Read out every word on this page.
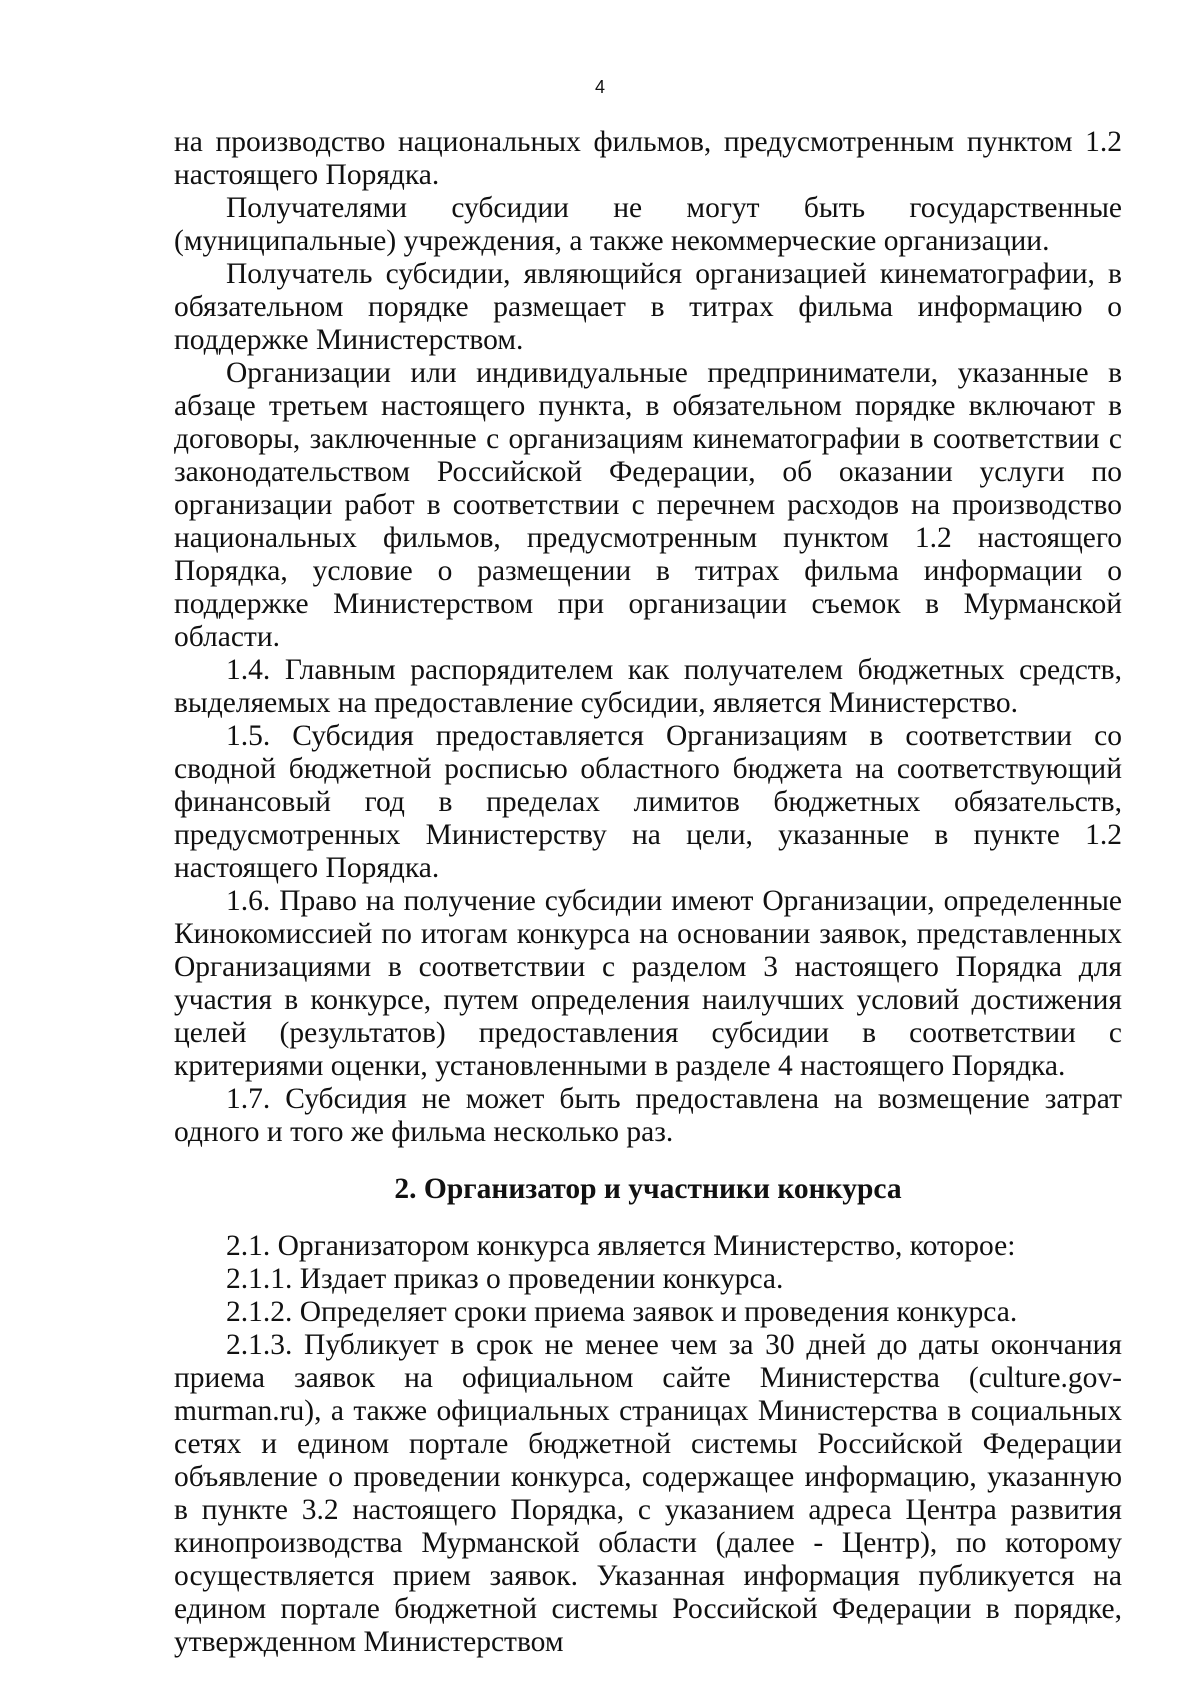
4

на производство национальных фильмов, предусмотренным пунктом 1.2 настоящего Порядка.

Получателями субсидии не могут быть государственные (муниципальные) учреждения, а также некоммерческие организации.

Получатель субсидии, являющийся организацией кинематографии, в обязательном порядке размещает в титрах фильма информацию о поддержке Министерством.

Организации или индивидуальные предприниматели, указанные в абзаце третьем настоящего пункта, в обязательном порядке включают в договоры, заключенные с организациям кинематографии в соответствии с законодательством Российской Федерации, об оказании услуги по организации работ в соответствии с перечнем расходов на производство национальных фильмов, предусмотренным пунктом 1.2 настоящего Порядка, условие о размещении в титрах фильма информации о поддержке Министерством при организации съемок в Мурманской области.

1.4. Главным распорядителем как получателем бюджетных средств, выделяемых на предоставление субсидии, является Министерство.

1.5. Субсидия предоставляется Организациям в соответствии со сводной бюджетной росписью областного бюджета на соответствующий финансовый год в пределах лимитов бюджетных обязательств, предусмотренных Министерству на цели, указанные в пункте 1.2 настоящего Порядка.

1.6. Право на получение субсидии имеют Организации, определенные Кинокомиссией по итогам конкурса на основании заявок, представленных Организациями в соответствии с разделом 3 настоящего Порядка для участия в конкурсе, путем определения наилучших условий достижения целей (результатов) предоставления субсидии в соответствии с критериями оценки, установленными в разделе 4 настоящего Порядка.

1.7. Субсидия не может быть предоставлена на возмещение затрат одного и того же фильма несколько раз.

2. Организатор и участники конкурса

2.1. Организатором конкурса является Министерство, которое:

2.1.1. Издает приказ о проведении конкурса.

2.1.2. Определяет сроки приема заявок и проведения конкурса.

2.1.3. Публикует в срок не менее чем за 30 дней до даты окончания приема заявок на официальном сайте Министерства (culture.gov-murman.ru), а также официальных страницах Министерства в социальных сетях и едином портале бюджетной системы Российской Федерации объявление о проведении конкурса, содержащее информацию, указанную в пункте 3.2 настоящего Порядка, с указанием адреса Центра развития кинопроизводства Мурманской области (далее - Центр), по которому осуществляется прием заявок. Указанная информация публикуется на едином портале бюджетной системы Российской Федерации в порядке, утвержденном Министерством
